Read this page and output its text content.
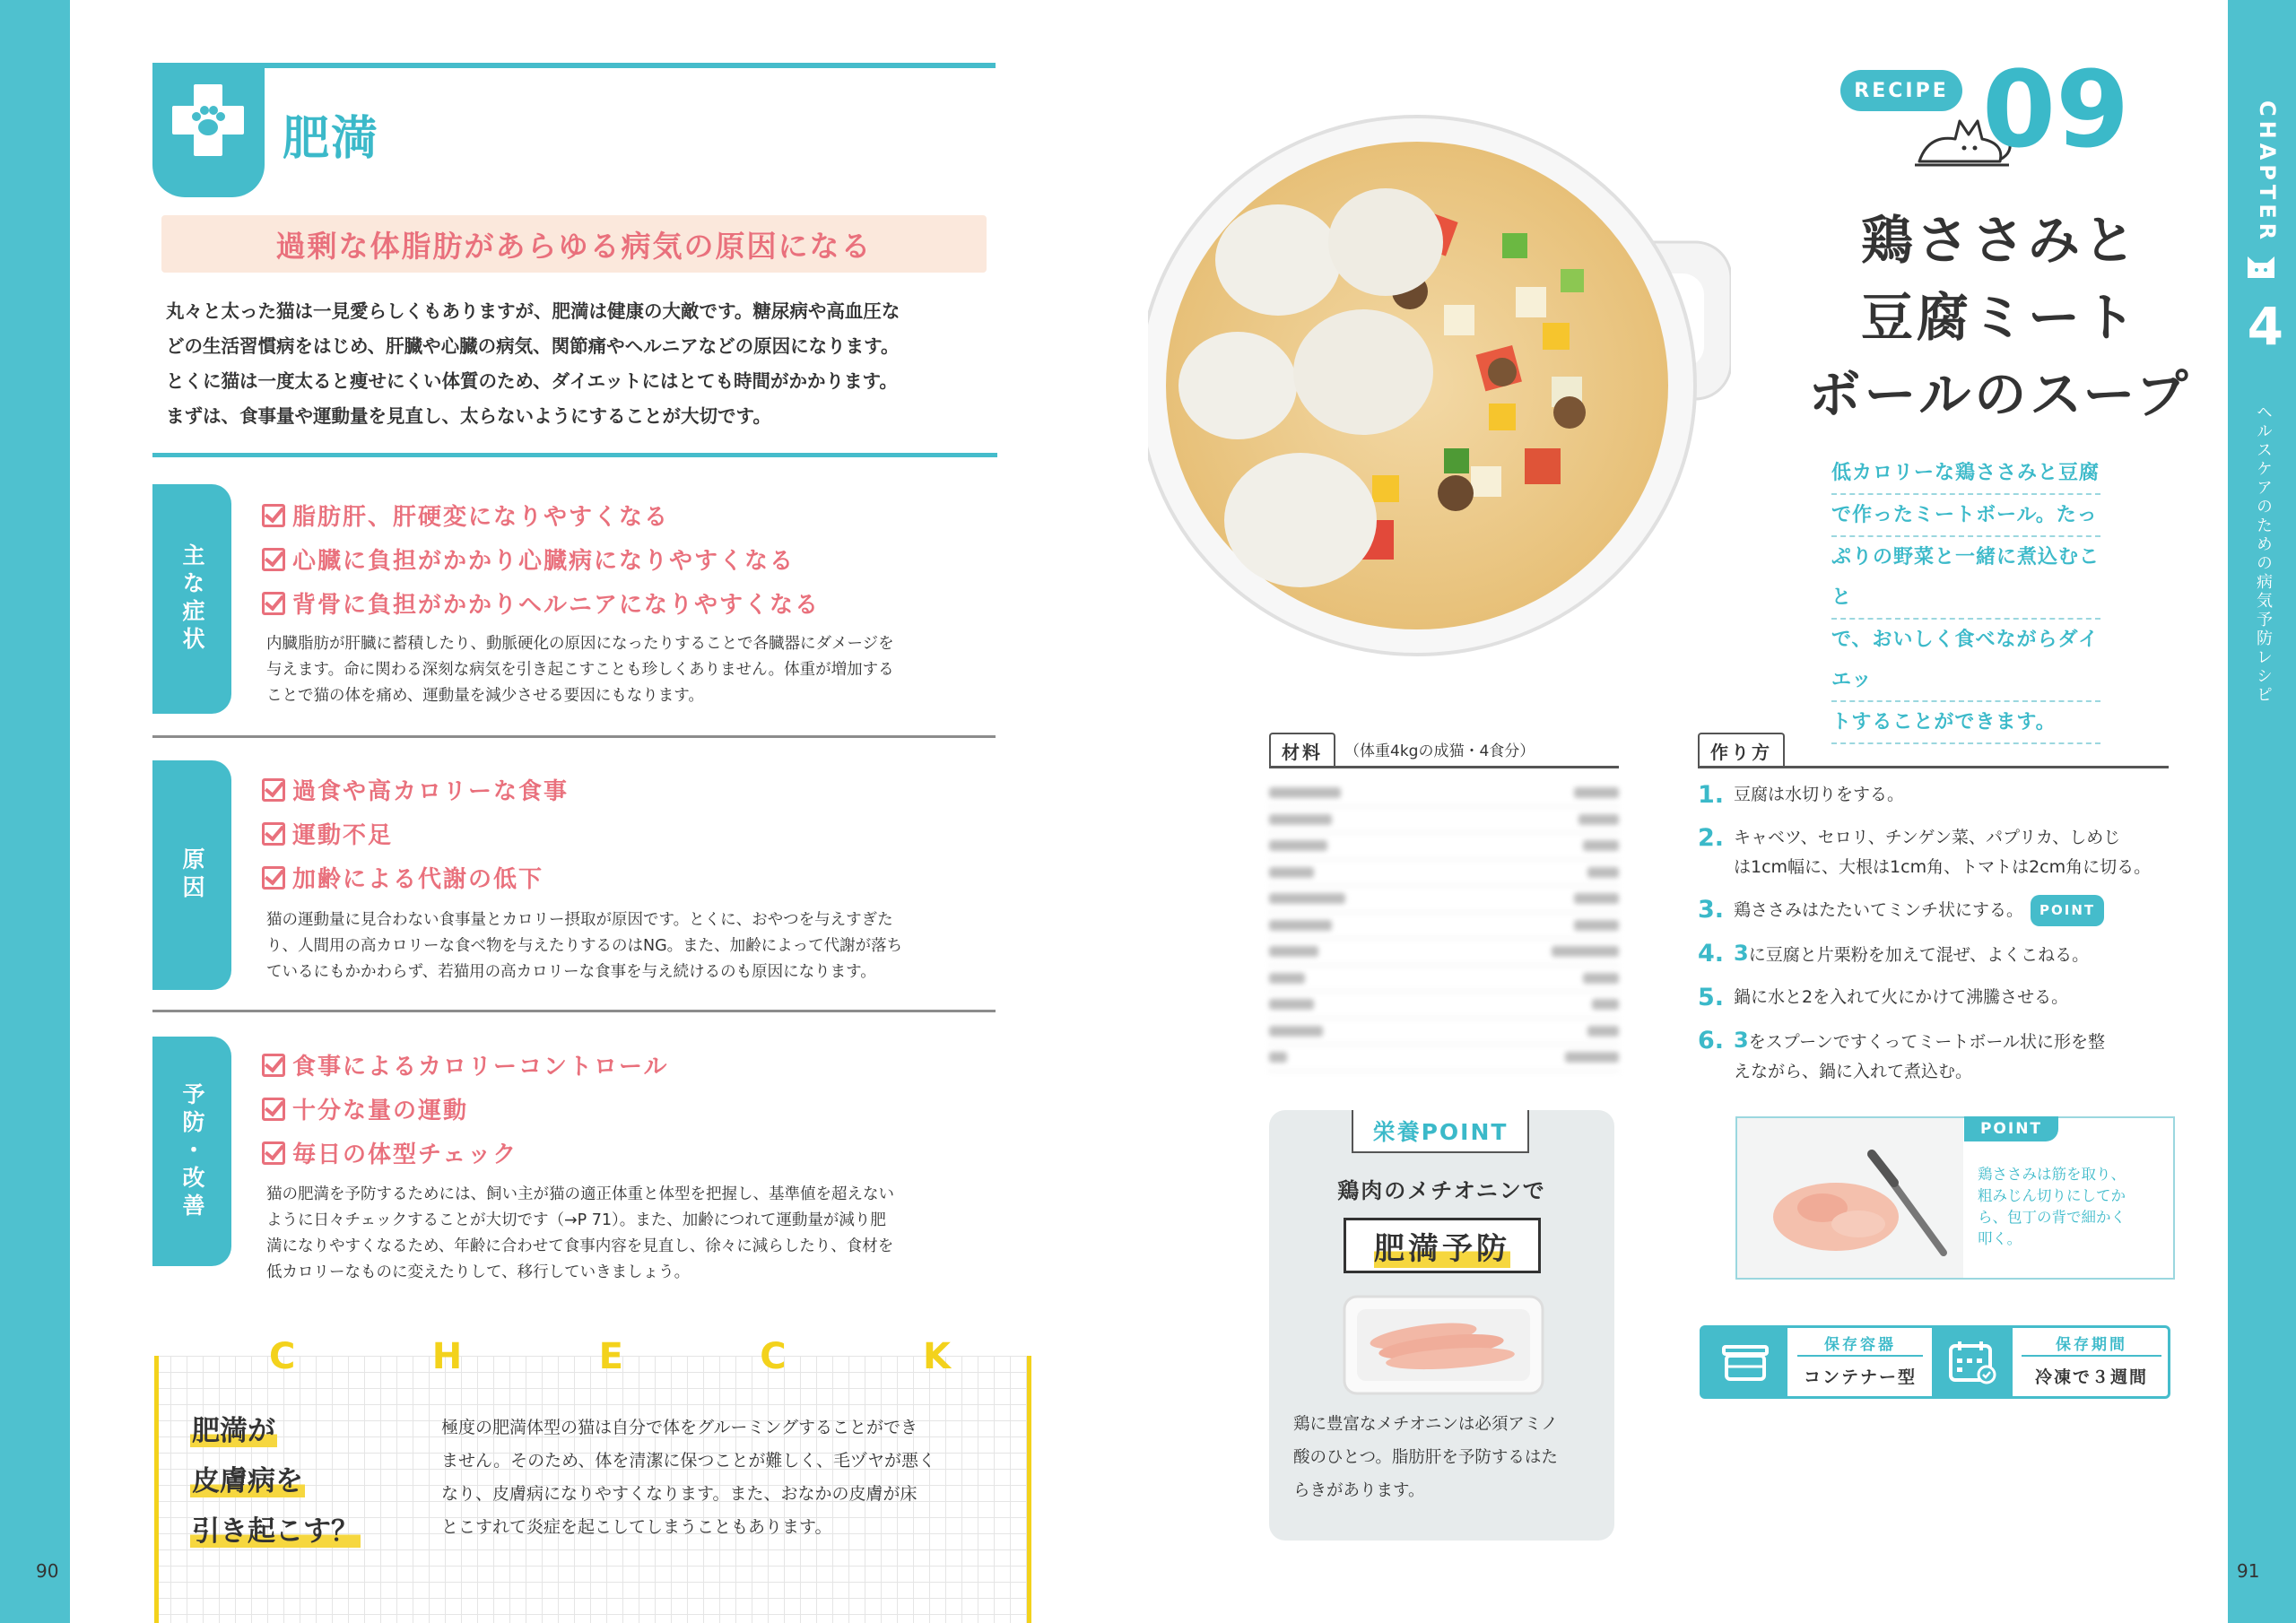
肥満
過剰な体脂肪があらゆる病気の原因になる
丸々と太った猫は一見愛らしくもありますが、肥満は健康の大敵です。糖尿病や高血圧な
どの生活習慣病をはじめ、肝臓や心臓の病気、関節痛やヘルニアなどの原因になります。
とくに猫は一度太ると痩せにくい体質のため、ダイエットにはとても時間がかかります。
まずは、食事量や運動量を見直し、太らないようにすることが大切です。
主な症状
脂肪肝、肝硬変になりやすくなる
心臓に負担がかかり心臓病になりやすくなる
背骨に負担がかかりヘルニアになりやすくなる
内臓脂肪が肝臓に蓄積したり、動脈硬化の原因になったりすることで各臓器にダメージを
与えます。命に関わる深刻な病気を引き起こすことも珍しくありません。体重が増加する
ことで猫の体を痛め、運動量を減少させる要因にもなります。
原因
過食や高カロリーな食事
運動不足
加齢による代謝の低下
猫の運動量に見合わない食事量とカロリー摂取が原因です。とくに、おやつを与えすぎた
り、人間用の高カロリーな食べ物を与えたりするのはNG。また、加齢によって代謝が落ち
ているにもかかわらず、若猫用の高カロリーな食事を与え続けるのも原因になります。
予防・改善
食事によるカロリーコントロール
十分な量の運動
毎日の体型チェック
猫の肥満を予防するためには、飼い主が猫の適正体重と体型を把握し、基準値を超えない
ように日々チェックすることが大切です（→P 71）。また、加齢につれて運動量が減り肥
満になりやすくなるため、年齢に合わせて食事内容を見直し、徐々に減らしたり、食材を
低カロリーなものに変えたりして、移行していきましょう。
C	H	E	C	K
肥満が
皮膚病を
引き起こす？
極度の肥満体型の猫は自分で体をグルーミングすることができ
ません。そのため、体を清潔に保つことが難しく、毛ヅヤが悪く
なり、皮膚病になりやすくなります。また、おなかの皮膚が床
とこすれて炎症を起こしてしまうこともあります。
90
RECIPE 09
鶏ささみと
豆腐ミート
ボールのスープ
低カロリーな鶏ささみと豆腐
で作ったミートボール。たっ
ぷりの野菜と一緒に煮込むこと
で、おいしく食べながらダイエッ
トすることができます。
CHAPTER
4
ヘルスケアのための病気予防レシピ
材料	（体重4kgの成猫・4食分）
栄養POINT
鶏肉のメチオニンで
肥満予防
鶏に豊富なメチオニンは必須アミノ
酸のひとつ。脂肪肝を予防するはた
らきがあります。
作り方
1. 豆腐は水切りをする。
2. キャベツ、セロリ、チンゲン菜、パプリカ、しめじ
は1cm幅に、大根は1cm角、トマトは2cm角に切る。
3. 鶏ささみはたたいてミンチ状にする。 POINT
4. 3に豆腐と片栗粉を加えて混ぜ、よくこねる。
5. 鍋に水と2を入れて火にかけて沸騰させる。
6. 3をスプーンですくってミートボール状に形を整
えながら、鍋に入れて煮込む。
POINT
鶏ささみは筋を取り、
粗みじん切りにしてか
ら、包丁の背で細かく
叩く。
保存容器
コンテナー型
保存期間
冷凍で３週間
91
